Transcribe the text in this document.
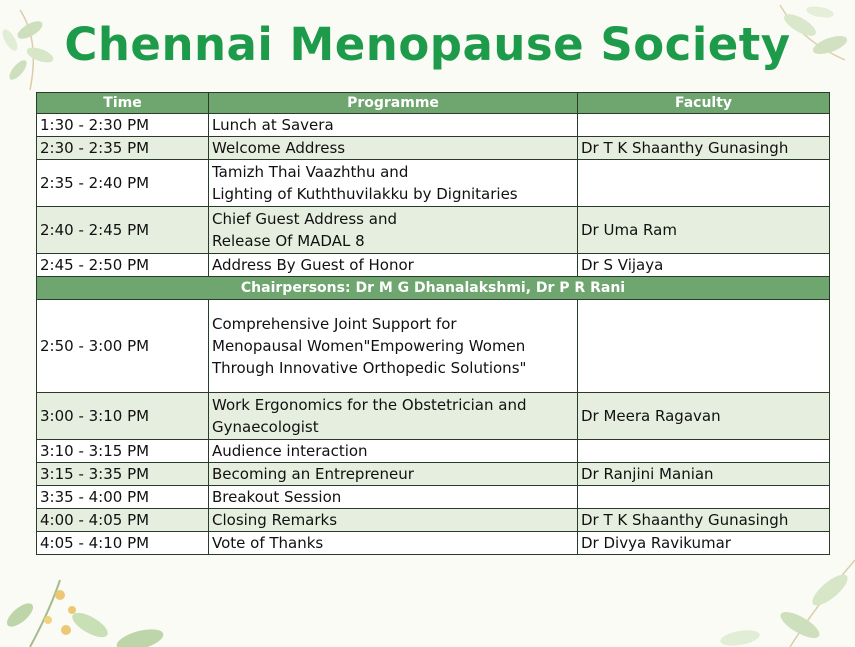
Chennai Menopause Society
Time	Programme	Faculty
1:30 - 2:30 PM	Lunch at Savera	
2:30 - 2:35 PM	Welcome Address	Dr T K Shaanthy Gunasingh
2:35 - 2:40 PM	Tamizh Thai Vaazhthu and
Lighting of Kuththuvilakku by Dignitaries	

2:40 - 2:45 PM	Chief Guest Address and
Release Of MADAL 8	Dr Uma Ram
2:45 - 2:50 PM	Address By Guest of Honor	Dr S Vijaya
Chairpersons: Dr M G Dhanalakshmi, Dr P R Rani		
2:50 - 3:00 PM	Comprehensive Joint Support for
Menopausal Women"Empowering Women
Through Innovative Orthopedic Solutions"	

3:00 - 3:10 PM	Work Ergonomics for the Obstetrician and
Gynaecologist	Dr Meera Ragavan
3:10 - 3:15 PM	Audience interaction	
3:15 - 3:35 PM	Becoming an Entrepreneur	Dr Ranjini Manian
3:35 - 4:00 PM	Breakout Session	
4:00 - 4:05 PM	Closing Remarks	Dr T K Shaanthy Gunasingh
4:05 - 4:10 PM	Vote of Thanks	Dr Divya Ravikumar
